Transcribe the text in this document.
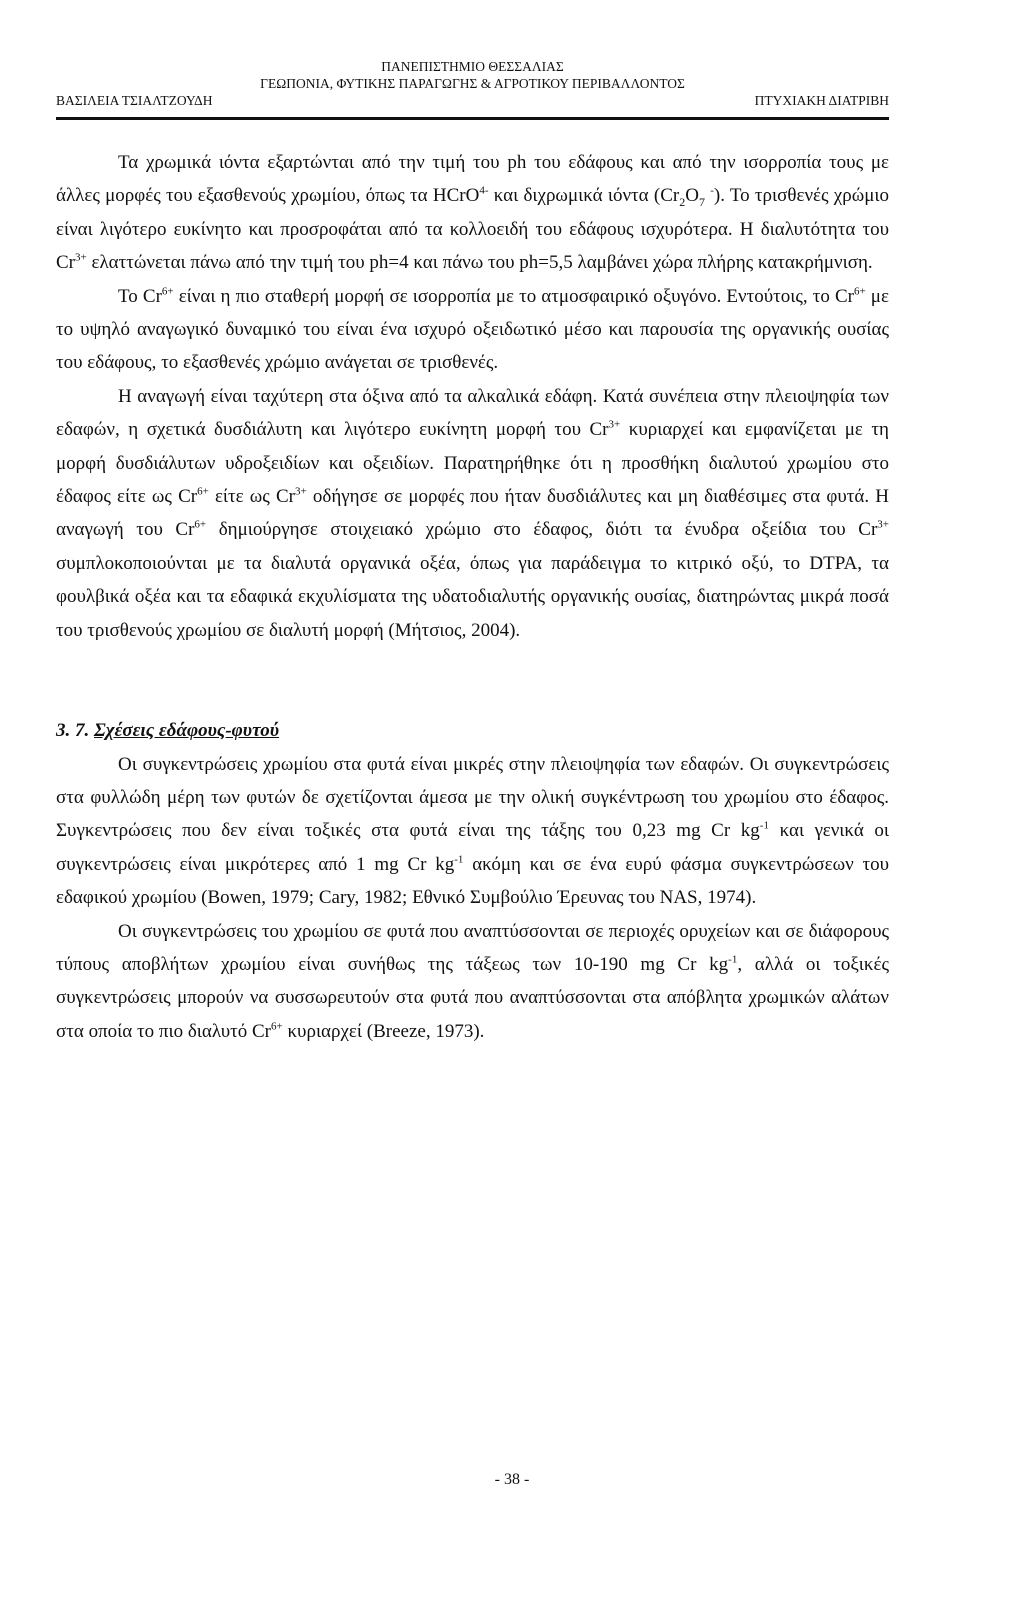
ΠΑΝΕΠΙΣΤΗΜΙΟ ΘΕΣΣΑΛΙΑΣ
ΓΕΩΠΟΝΙΑ, ΦΥΤΙΚΗΣ ΠΑΡΑΓΩΓΗΣ & ΑΓΡΟΤΙΚΟΥ ΠΕΡΙΒΑΛΛΟΝΤΟΣ
ΒΑΣΙΛΕΙΑ ΤΣΙΑΛΤΖΟΥΔΗ	ΠΤΥΧΙΑΚΗ ΔΙΑΤΡΙΒΗ

Τα χρωμικά ιόντα εξαρτώνται από την τιμή του ph του εδάφους και από την ισορροπία τους με άλλες μορφές του εξασθενούς χρωμίου, όπως τα HCrO$^{4-}$ και διχρωμικά ιόντα ($Cr_2O_7$ -). Το τρισθενές χρώμιο είναι λιγότερο ευκίνητο και προσροφάται από τα κολλοειδή του εδάφους ισχυρότερα. Η διαλυτότητα του $Cr^{3+}$ ελαττώνεται πάνω από την τιμή του ph=4 και πάνω του ph=5,5 λαμβάνει χώρα πλήρης κατακρήμνιση.

Το $Cr^{6+}$ είναι η πιο σταθερή μορφή σε ισορροπία με το ατμοσφαιρικό οξυγόνο. Εντούτοις, το $Cr^{6+}$ με το υψηλό αναγωγικό δυναμικό του είναι ένα ισχυρό οξειδωτικό μέσο και παρουσία της οργανικής ουσίας του εδάφους, το εξασθενές χρώμιο ανάγεται σε τρισθενές.

Η αναγωγή είναι ταχύτερη στα όξινα από τα αλκαλικά εδάφη. Κατά συνέπεια στην πλειοψηφία των εδαφών, η σχετικά δυσδιάλυτη και λιγότερο ευκίνητη μορφή του $Cr^{3+}$ κυριαρχεί και εμφανίζεται με τη μορφή δυσδιάλυτων υδροξειδίων και οξειδίων. Παρατηρήθηκε ότι η προσθήκη διαλυτού χρωμίου στο έδαφος είτε ως $Cr^{6+}$ είτε ως $Cr^{3+}$ οδήγησε σε μορφές που ήταν δυσδιάλυτες και μη διαθέσιμες στα φυτά. Η αναγωγή του $Cr^{6+}$ δημιούργησε στοιχειακό χρώμιο στο έδαφος, διότι τα ένυδρα οξείδια του $Cr^{3+}$ συμπλοκοποιούνται με τα διαλυτά οργανικά οξέα, όπως για παράδειγμα το κιτρικό οξύ, το DTPA, τα φουλβικά οξέα και τα εδαφικά εκχυλίσματα της υδατοδιαλυτής οργανικής ουσίας, διατηρώντας μικρά ποσά του τρισθενούς χρωμίου σε διαλυτή μορφή (Μήτσιος, 2004).

3. 7. Σχέσεις εδάφους-φυτού

Οι συγκεντρώσεις χρωμίου στα φυτά είναι μικρές στην πλειοψηφία των εδαφών. Οι συγκεντρώσεις στα φυλλώδη μέρη των φυτών δε σχετίζονται άμεσα με την ολική συγκέντρωση του χρωμίου στο έδαφος. Συγκεντρώσεις που δεν είναι τοξικές στα φυτά είναι της τάξης του 0,23 mg Cr $kg^{-1}$ και γενικά οι συγκεντρώσεις είναι μικρότερες από 1 mg Cr $kg^{-1}$ ακόμη και σε ένα ευρύ φάσμα συγκεντρώσεων του εδαφικού χρωμίου (Bowen, 1979; Cary, 1982; Εθνικό Συμβούλιο Έρευνας του NAS, 1974).

Οι συγκεντρώσεις του χρωμίου σε φυτά που αναπτύσσονται σε περιοχές ορυχείων και σε διάφορους τύπους αποβλήτων χρωμίου είναι συνήθως της τάξεως των 10-190 mg Cr $kg^{-1}$, αλλά οι τοξικές συγκεντρώσεις μπορούν να συσσωρευτούν στα φυτά που αναπτύσσονται στα απόβλητα χρωμικών αλάτων στα οποία το πιο διαλυτό $Cr^{6+}$ κυριαρχεί (Breeze, 1973).

- 38 -
